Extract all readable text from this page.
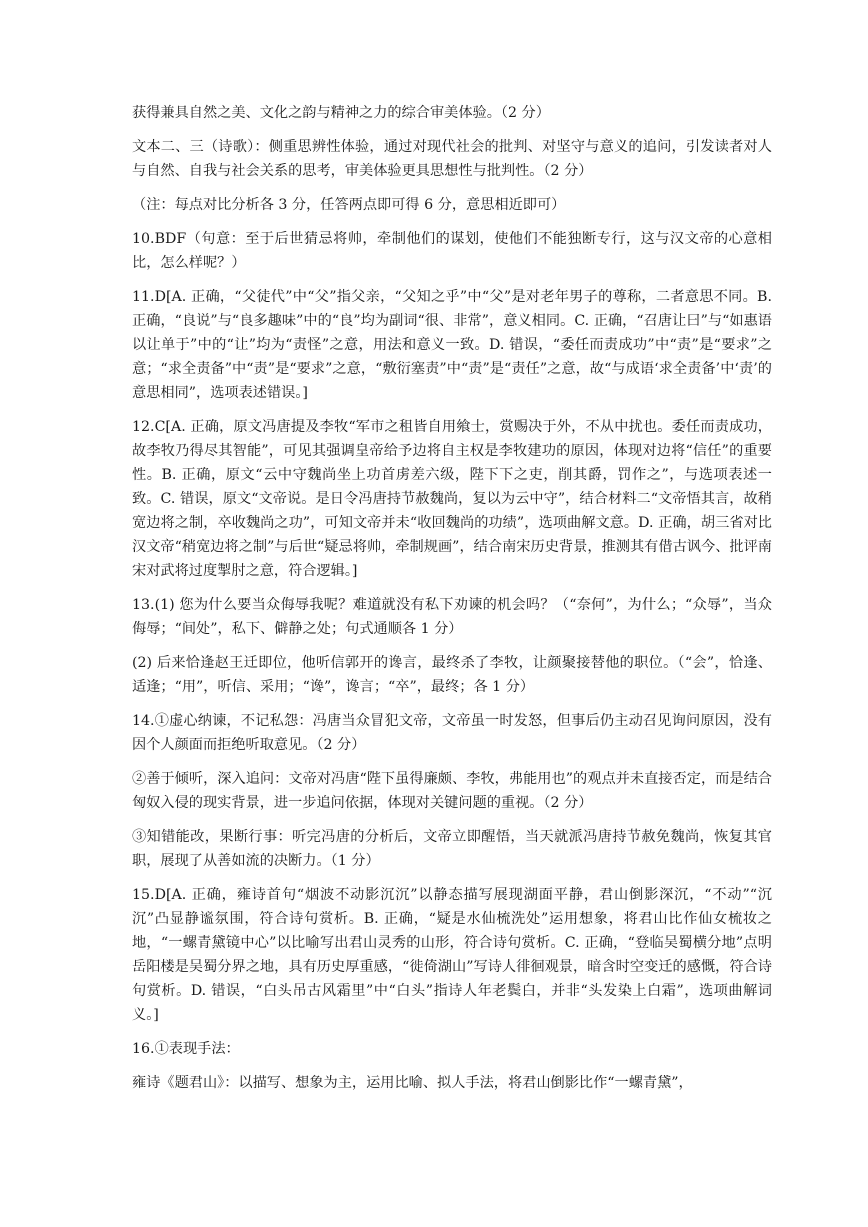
获得兼具自然之美、文化之韵与精神之力的综合审美体验。（2 分）

文本二、三（诗歌）：侧重思辨性体验，通过对现代社会的批判、对坚守与意义的追问，引发读者对人与自然、自我与社会关系的思考，审美体验更具思想性与批判性。（2 分）

（注：每点对比分析各 3 分，任答两点即可得 6 分，意思相近即可）

10.BDF（句意：至于后世猜忌将帅，牵制他们的谋划，使他们不能独断专行，这与汉文帝的心意相比，怎么样呢？）

11.D[A. 正确，“父徒代”中“父”指父亲，“父知之乎”中“父”是对老年男子的尊称，二者意思不同。B. 正确，“良说”与“良多趣味”中的“良”均为副词“很、非常”，意义相同。C. 正确，“召唐让曰”与“如惠语以让单于”中的“让”均为“责怪”之意，用法和意义一致。D. 错误，“委任而责成功”中“责”是“要求”之意；“求全责备”中“责”是“要求”之意，“敷衍塞责”中“责”是“责任”之意，故“与成语‘求全责备’中‘责’的意思相同”，选项表述错误。]

12.C[A. 正确，原文冯唐提及李牧“军市之租皆自用飨士，赏赐决于外，不从中扰也。委任而责成功，故李牧乃得尽其智能”，可见其强调皇帝给予边将自主权是李牧建功的原因，体现对边将“信任”的重要性。B. 正确，原文“云中守魏尚坐上功首虏差六级，陛下下之吏，削其爵，罚作之”，与选项表述一致。C. 错误，原文“文帝说。是日令冯唐持节赦魏尚，复以为云中守”，结合材料二“文帝悟其言，故稍宽边将之制，卒收魏尚之功”，可知文帝并未“收回魏尚的功绩”，选项曲解文意。D. 正确，胡三省对比汉文帝“稍宽边将之制”与后世“疑忌将帅，牵制规画”，结合南宋历史背景，推测其有借古讽今、批评南宋对武将过度掣肘之意，符合逻辑。]

13.(1) 您为什么要当众侮辱我呢？难道就没有私下劝谏的机会吗？（“奈何”，为什么；“众辱”，当众侮辱；“间处”，私下、僻静之处；句式通顺各 1 分）

(2) 后来恰逢赵王迁即位，他听信郭开的谗言，最终杀了李牧，让颜聚接替他的职位。（“会”，恰逢、适逢；“用”，听信、采用；“谗”，谗言；“卒”，最终；各 1 分）

14.①虚心纳谏，不记私怨：冯唐当众冒犯文帝，文帝虽一时发怒，但事后仍主动召见询问原因，没有因个人颜面而拒绝听取意见。（2 分）

②善于倾听，深入追问：文帝对冯唐“陛下虽得廉颇、李牧，弗能用也”的观点并未直接否定，而是结合匈奴入侵的现实背景，进一步追问依据，体现对关键问题的重视。（2 分）

③知错能改，果断行事：听完冯唐的分析后，文帝立即醒悟，当天就派冯唐持节赦免魏尚，恢复其官职，展现了从善如流的决断力。（1 分）

15.D[A. 正确，雍诗首句“烟波不动影沉沉”以静态描写展现湖面平静，君山倒影深沉，“不动”“沉沉”凸显静谧氛围，符合诗句赏析。B. 正确，“疑是水仙梳洗处”运用想象，将君山比作仙女梳妆之地，“一螺青黛镜中心”以比喻写出君山灵秀的山形，符合诗句赏析。C. 正确，“登临吴蜀横分地”点明岳阳楼是吴蜀分界之地，具有历史厚重感，“徙倚湖山”写诗人徘徊观景，暗含时空变迁的感慨，符合诗句赏析。D. 错误，“白头吊古风霜里”中“白头”指诗人年老鬓白，并非“头发染上白霜”，选项曲解词义。]

16.①表现手法：

雍诗《题君山》：以描写、想象为主，运用比喻、拟人手法，将君山倒影比作“一螺青黛”，
